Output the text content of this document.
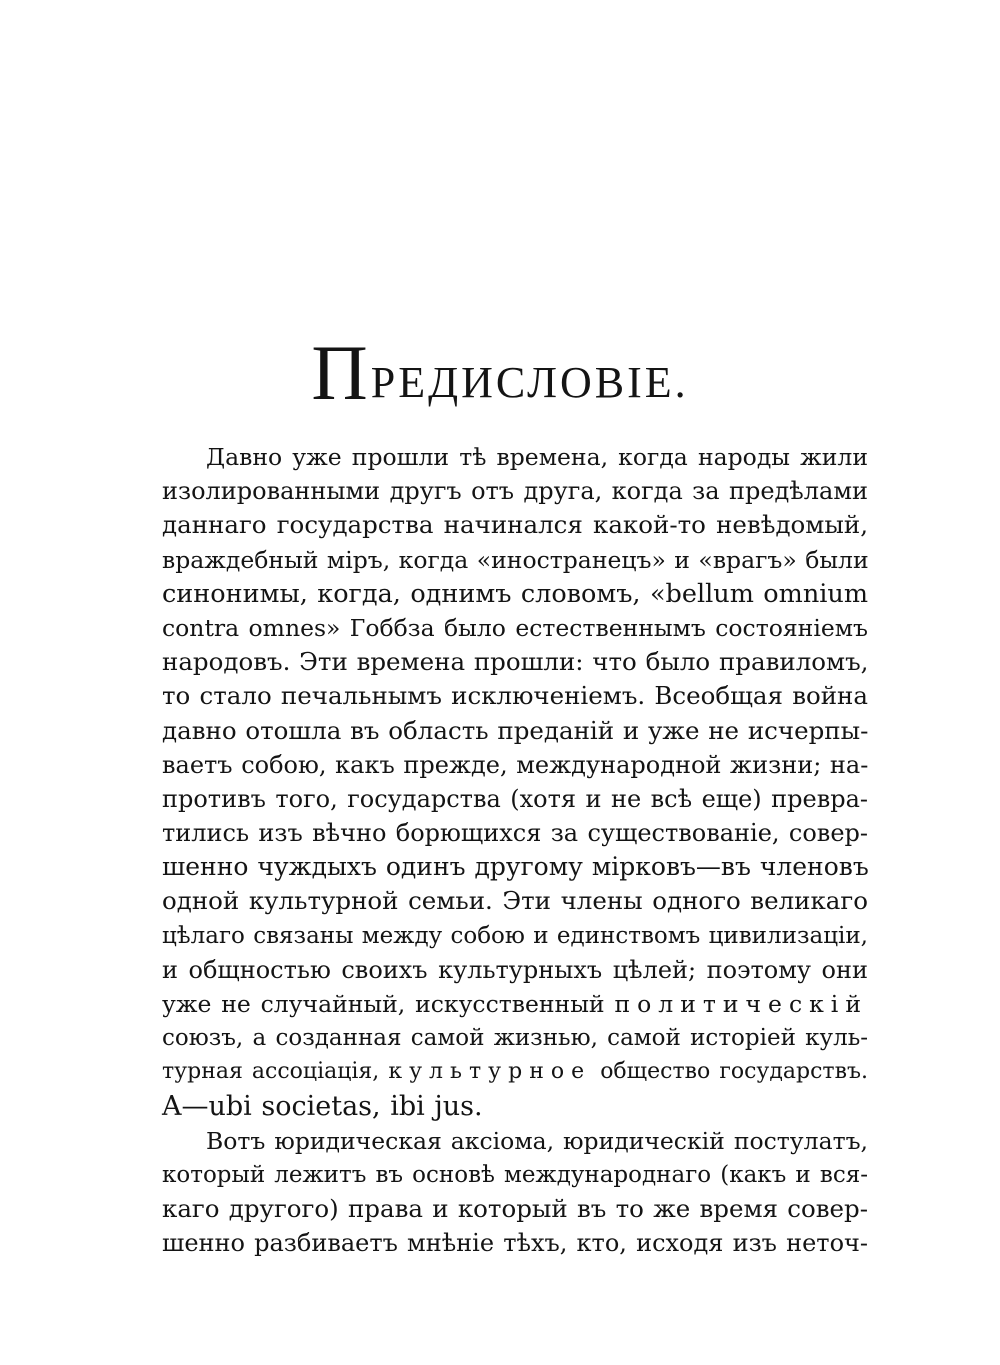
ПРЕДИСЛОВІЕ.
Давно уже прошли тѣ времена, когда народы жили
изолированными другъ отъ друга, когда за предѣлами
даннаго государства начинался какой-то невѣдомый,
враждебный міръ, когда «иностранецъ» и «врагъ» были
синонимы, когда, однимъ словомъ, «bellum omnium
contra omnes» Гоббза было естественнымъ состояніемъ
народовъ. Эти времена прошли: что было правиломъ,
то стало печальнымъ исключеніемъ. Всеобщая война
давно отошла въ область преданій и уже не исчерпы-
ваетъ собою, какъ прежде, международной жизни; на-
противъ того, государства (хотя и не всѣ еще) превра-
тились изъ вѣчно борющихся за существованіе, совер-
шенно чуждыхъ одинъ другому мірковъ—въ членовъ
одной культурной семьи. Эти члены одного великаго
цѣлаго связаны между собою и единствомъ цивилизаціи,
и общностью своихъ культурныхъ цѣлей; поэтому они
уже не случайный, искусственный политическій
союзъ, а созданная самой жизнью, самой исторіей куль-
турная ассоціація, культурное общество государствъ.
A—ubi societas, ibi jus.
Вотъ юридическая аксіома, юридическій постулатъ,
который лежитъ въ основѣ международнаго (какъ и вся-
каго другого) права и который въ то же время совер-
шенно разбиваетъ мнѣніе тѣхъ, кто, исходя изъ неточ-
